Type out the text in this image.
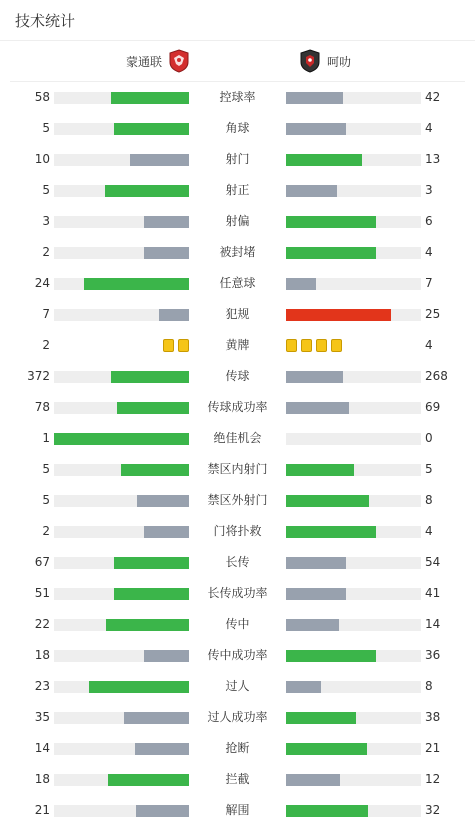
技术统计
蒙通联	呵叻
58	控球率	42
5	角球	4
10	射门	13
5	射正	3
3	射偏	6
2	被封堵	4
24	任意球	7
7	犯规	25
2	黄牌	4
372	传球	268
78	传球成功率	69
1	绝佳机会	0
5	禁区内射门	5
5	禁区外射门	8
2	门将扑救	4
67	长传	54
51	长传成功率	41
22	传中	14
18	传中成功率	36
23	过人	8
35	过人成功率	38
14	抢断	21
18	拦截	12
21	解围	32
